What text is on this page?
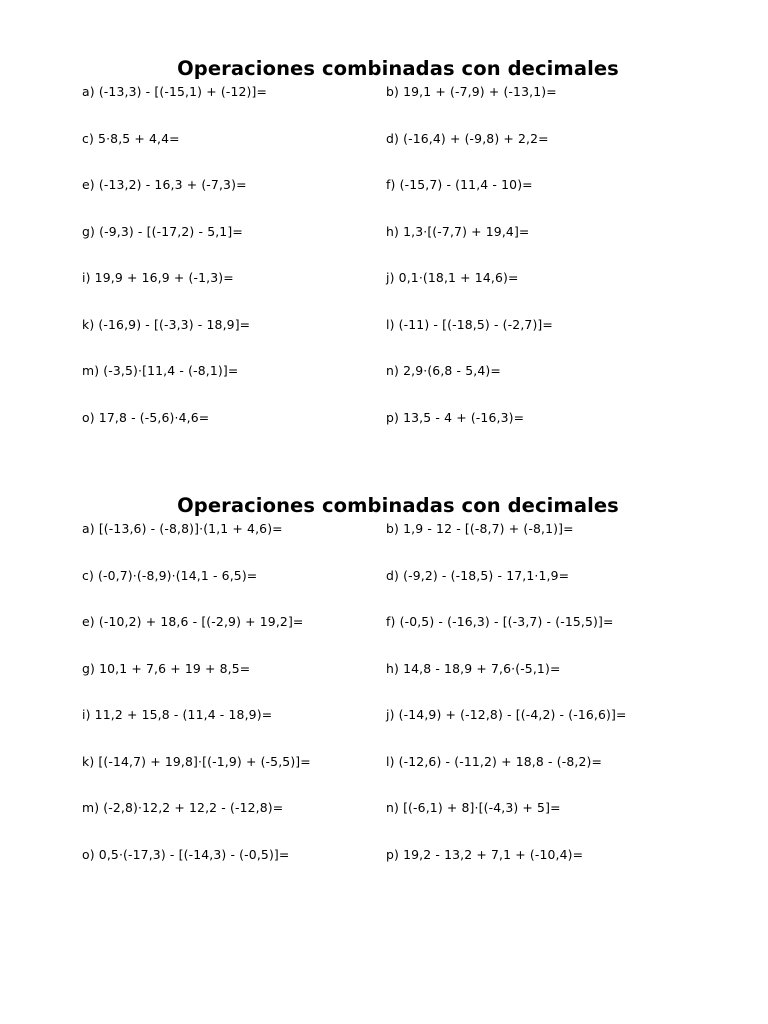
Operaciones combinadas con decimales
a) (-13,3) - [(-15,1) + (-12)]=	b) 19,1 + (-7,9) + (-13,1)=
c) 5·8,5 + 4,4=	d) (-16,4) + (-9,8) + 2,2=
e) (-13,2) - 16,3 + (-7,3)=	f) (-15,7) - (11,4 - 10)=
g) (-9,3) - [(-17,2) - 5,1]=	h) 1,3·[(-7,7) + 19,4]=
i) 19,9 + 16,9 + (-1,3)=	j) 0,1·(18,1 + 14,6)=
k) (-16,9) - [(-3,3) - 18,9]=	l) (-11) - [(-18,5) - (-2,7)]=
m) (-3,5)·[11,4 - (-8,1)]=	n) 2,9·(6,8 - 5,4)=
o) 17,8 - (-5,6)·4,6=	p) 13,5 - 4 + (-16,3)=
Operaciones combinadas con decimales
a) [(-13,6) - (-8,8)]·(1,1 + 4,6)=	b) 1,9 - 12 - [(-8,7) + (-8,1)]=
c) (-0,7)·(-8,9)·(14,1 - 6,5)=	d) (-9,2) - (-18,5) - 17,1·1,9=
e) (-10,2) + 18,6 - [(-2,9) + 19,2]=	f) (-0,5) - (-16,3) - [(-3,7) - (-15,5)]=
g) 10,1 + 7,6 + 19 + 8,5=	h) 14,8 - 18,9 + 7,6·(-5,1)=
i) 11,2 + 15,8 - (11,4 - 18,9)=	j) (-14,9) + (-12,8) - [(-4,2) - (-16,6)]=
k) [(-14,7) + 19,8]·[(-1,9) + (-5,5)]=	l) (-12,6) - (-11,2) + 18,8 - (-8,2)=
m) (-2,8)·12,2 + 12,2 - (-12,8)=	n) [(-6,1) + 8]·[(-4,3) + 5]=
o) 0,5·(-17,3) - [(-14,3) - (-0,5)]=	p) 19,2 - 13,2 + 7,1 + (-10,4)=
